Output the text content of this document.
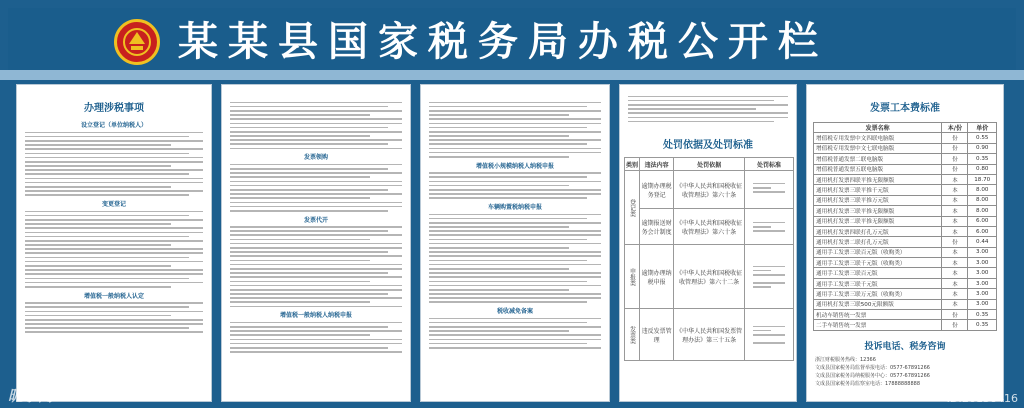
某某县国家税务局办税公开栏
办理涉税事项
设立登记（单位纳税人）
变更登记
增值税一般纳税人认定
发票领购
发票代开
增值税一般纳税人纳税申报
增值税小规模纳税人纳税申报
车辆购置税纳税申报
税收减免备案
处罚依据及处罚标准
类别	违法内容	处罚依据	处罚标准
登记类	逾期办理税务登记	《中华人民共和国税收征收管理法》第六十条	

	逾期报送财务会计制度	《中华人民共和国税收征收管理法》第六十条	

申报类	逾期办理纳税申报	《中华人民共和国税收征收管理法》第六十二条	

发票类	违反发票管理	《中华人民共和国发票管理办法》第三十五条	
发票工本费标准
发票名称	本/份	单价
增值税专用发票中文四联电脑版	份	0.55
增值税专用发票中文七联电脑版	份	0.90
增值税普通发票二联电脑版	份	0.35
增值税普通发票五联电脑版	份	0.80
通用机打发票四联平推无限额版	本	18.70
通用机打发票三联平推千元版	本	8.00
通用机打发票三联平推万元版	本	8.00
通用机打发票三联平推无限额版	本	8.00
通用机打发票二联平推无限额版	本	6.00
通用机打发票四联打孔万元版	本	6.00
通用机打发票二联打孔万元版	份	0.44
通用手工发票三联百元版（收购类）	本	3.00
通用手工发票三联千元版（收购类）	本	3.00
通用手工发票三联百元版	本	3.00
通用手工发票三联千元版	本	3.00
通用手工发票三联万元版（收购类）	本	3.00
通用机打发票三联500元限额版	本	3.00
机动车销售统一发票	份	0.35
二手车销售统一发票	份	0.35
投诉电话、税务咨询
浙江财税服务热线：12366
文成县国家税务局监督举报电话：0577-67891266
文成县国家税务局纳税服务中心：0577-67891266
文成县国家税务局监察室电话：17888888888
昵享网	ID:20150416
